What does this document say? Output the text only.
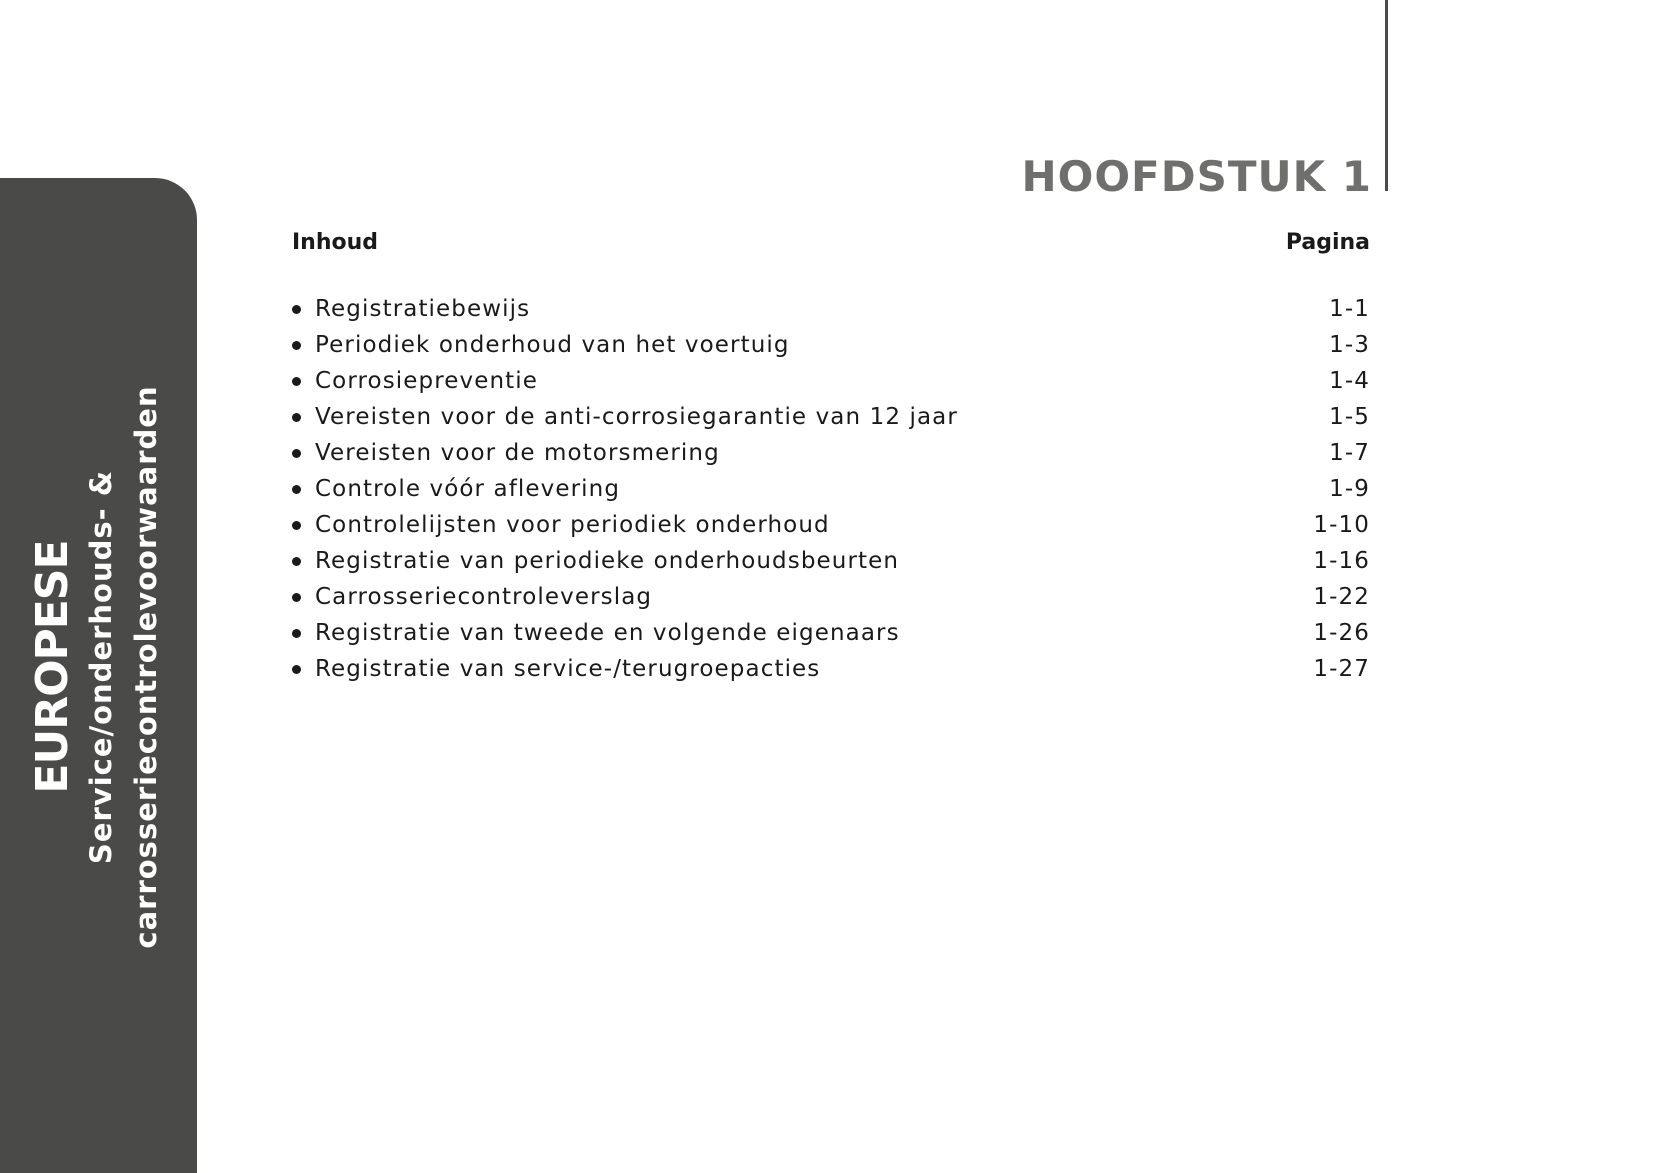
EUROPESE Service/onderhouds- & carrosseriecontrolevoorwaarden
HOOFDSTUK 1
Inhoud	Pagina
Registratiebewijs	1-1
Periodiek onderhoud van het voertuig	1-3
Corrosiepreventie	1-4
Vereisten voor de anti-corrosiegarantie van 12 jaar	1-5
Vereisten voor de motorsmering	1-7
Controle vóór aflevering	1-9
Controlelijsten voor periodiek onderhoud	1-10
Registratie van periodieke onderhoudsbeurten	1-16
Carrosseriecontroleverslag	1-22
Registratie van tweede en volgende eigenaars	1-26
Registratie van service-/terugroepacties	1-27
